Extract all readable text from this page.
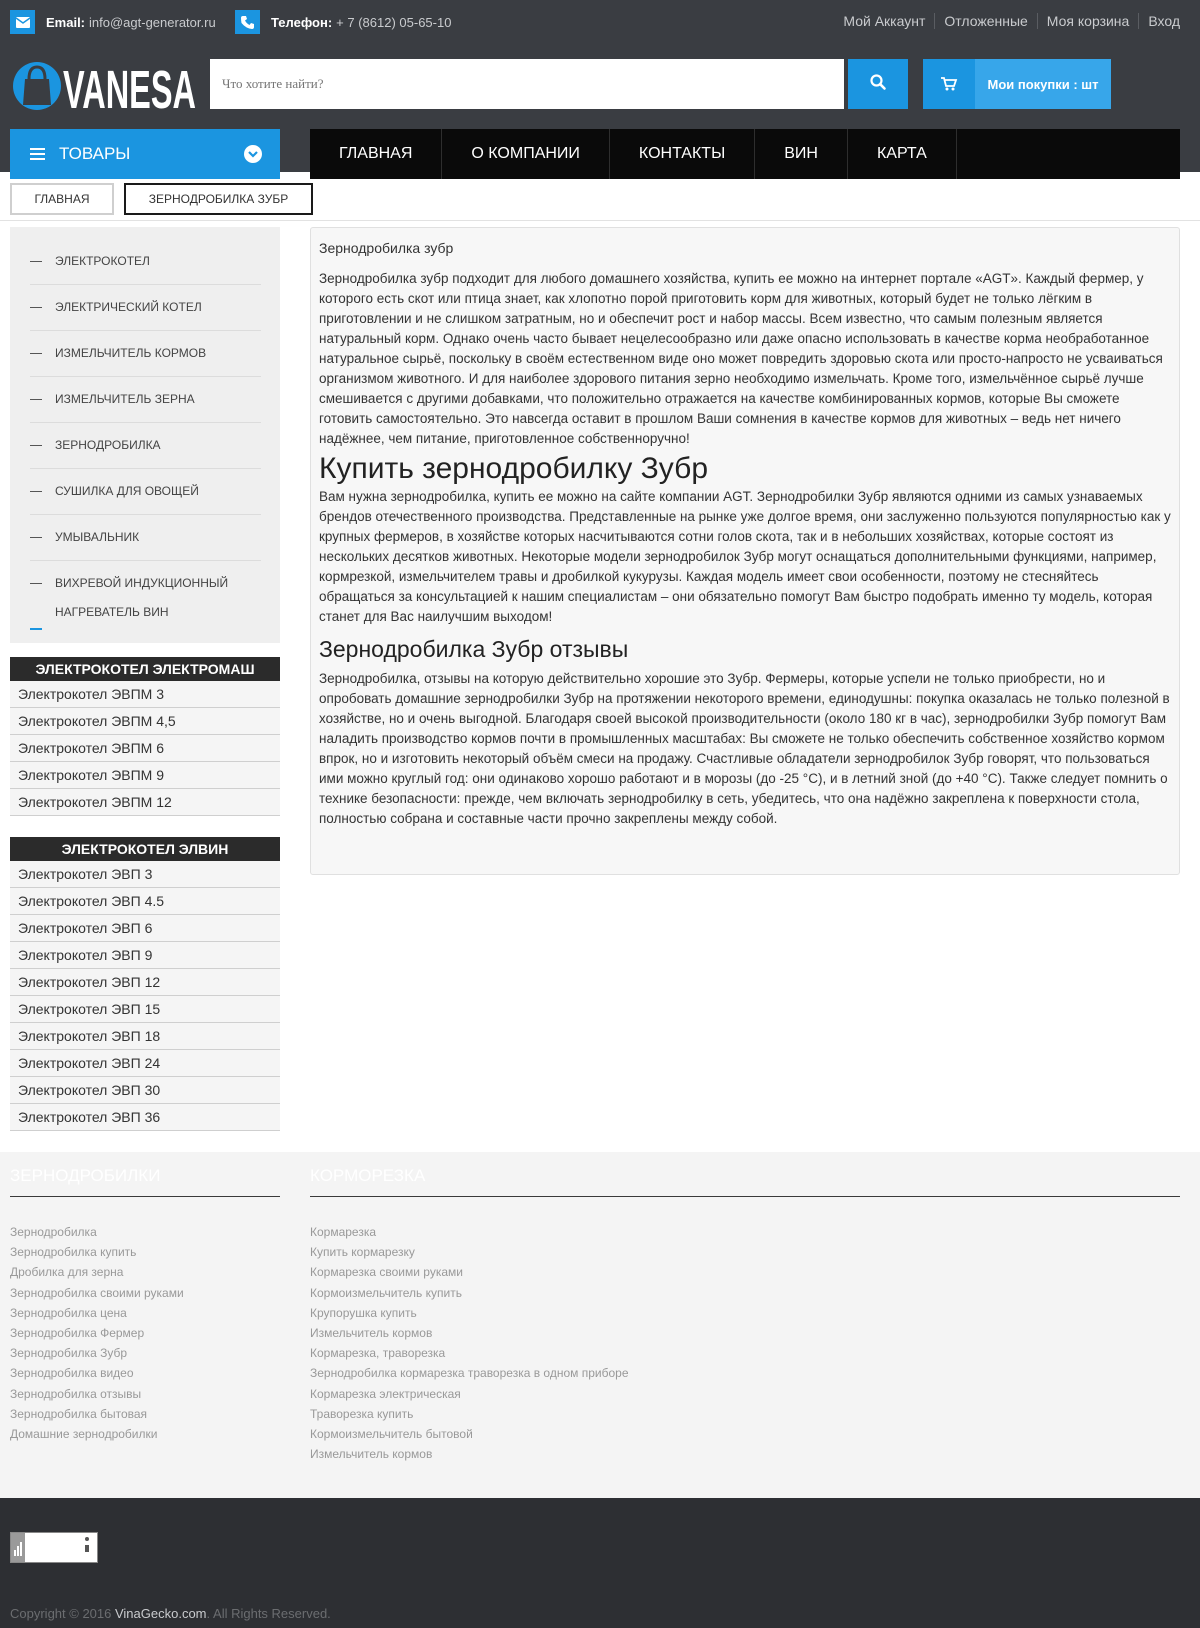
Email: info@agt-generator.ru	Телефон: + 7 (8612) 05-65-10	Мой Аккаунт	Отложенные	Моя корзина	Вход
VANESA
Что хотите найти?	Мои покупки : шт
ТОВАРЫ	ГЛАВНАЯ	О КОМПАНИИ	КОНТАКТЫ	ВИН	КАРТА
ГЛАВНАЯ	ЗЕРНОДРОБИЛКА ЗУБР
ЭЛЕКТРОКОТЕЛ
ЭЛЕКТРИЧЕСКИЙ КОТЕЛ
ИЗМЕЛЬЧИТЕЛЬ КОРМОВ
ИЗМЕЛЬЧИТЕЛЬ ЗЕРНА
ЗЕРНОДРОБИЛКА
СУШИЛКА ДЛЯ ОВОЩЕЙ
УМЫВАЛЬНИК
ВИХРЕВОЙ ИНДУКЦИОННЫЙ
НАГРЕВАТЕЛЬ ВИН
ЭЛЕКТРОКОТЕЛ ЭЛЕКТРОМАШ
Электрокотел ЭВПМ 3
Электрокотел ЭВПМ 4,5
Электрокотел ЭВПМ 6
Электрокотел ЭВПМ 9
Электрокотел ЭВПМ 12
ЭЛЕКТРОКОТЕЛ ЭЛВИН
Электрокотел ЭВП 3
Электрокотел ЭВП 4.5
Электрокотел ЭВП 6
Электрокотел ЭВП 9
Электрокотел ЭВП 12
Электрокотел ЭВП 15
Электрокотел ЭВП 18
Электрокотел ЭВП 24
Электрокотел ЭВП 30
Электрокотел ЭВП 36
Зернодробилка зубр

Зернодробилка зубр подходит для любого домашнего хозяйства, купить ее можно на интернет портале «AGT». Каждый фермер, у которого есть скот или птица знает, как хлопотно порой приготовить корм для животных, который будет не только лёгким в приготовлении и не слишком затратным, но и обеспечит рост и набор массы. Всем известно, что самым полезным является натуральный корм. Однако очень часто бывает нецелесообразно или даже опасно использовать в качестве корма необработанное натуральное сырьё, поскольку в своём естественном виде оно может повредить здоровью скота или просто-напросто не усваиваться организмом животного. И для наиболее здорового питания зерно необходимо измельчать. Кроме того, измельчённое сырьё лучше смешивается с другими добавками, что положительно отражается на качестве комбинированных кормов, которые Вы сможете готовить самостоятельно. Это навсегда оставит в прошлом Ваши сомнения в качестве кормов для животных – ведь нет ничего надёжнее, чем питание, приготовленное собственноручно!

Купить зернодробилку Зубр

Вам нужна зернодробилка, купить ее можно на сайте компании AGT. Зернодробилки Зубр являются одними из самых узнаваемых брендов отечественного производства. Представленные на рынке уже долгое время, они заслуженно пользуются популярностью как у крупных фермеров, в хозяйстве которых насчитываются сотни голов скота, так и в небольших хозяйствах, которые состоят из нескольких десятков животных. Некоторые модели зернодробилок Зубр могут оснащаться дополнительными функциями, например, кормрезкой, измельчителем травы и дробилкой кукурузы. Каждая модель имеет свои особенности, поэтому не стесняйтесь обращаться за консультацией к нашим специалистам – они обязательно помогут Вам быстро подобрать именно ту модель, которая станет для Вас наилучшим выходом!

Зернодробилка Зубр отзывы

Зернодробилка, отзывы на которую действительно хорошие это Зубр. Фермеры, которые успели не только приобрести, но и опробовать домашние зернодробилки Зубр на протяжении некоторого времени, единодушны: покупка оказалась не только полезной в хозяйстве, но и очень выгодной. Благодаря своей высокой производительности (около 180 кг в час), зернодробилки Зубр помогут Вам наладить производство кормов почти в промышленных масштабах: Вы сможете не только обеспечить собственное хозяйство кормом впрок, но и изготовить некоторый объём смеси на продажу. Счастливые обладатели зернодробилок Зубр говорят, что пользоваться ими можно круглый год: они одинаково хорошо работают и в морозы (до -25 °C), и в летний зной (до +40 °C). Также следует помнить о технике безопасности: прежде, чем включать зернодробилку в сеть, убедитесь, что она надёжно закреплена к поверхности стола, полностью собрана и составные части прочно закреплены между собой.

ЗЕРНОДРОБИЛКИ
Зернодробилка
Зернодробилка купить
Дробилка для зерна
Зернодробилка своими руками
Зернодробилка цена
Зернодробилка Фермер
Зернодробилка Зубр
Зернодробилка видео
Зернодробилка отзывы
Зернодробилка бытовая
Домашние зернодробилки
КОРМОРЕЗКА
Кормарезка
Купить кормарезку
Кормарезка своими руками
Кормоизмельчитель купить
Крупорушка купить
Измельчитель кормов
Кормарезка, траворезка
Зернодробилка кормарезка траворезка в одном приборе
Кормарезка электрическая
Траворезка купить
Кормоизмельчитель бытовой
Измельчитель кормов
Copyright © 2016 VinaGecko.com. All Rights Reserved.
